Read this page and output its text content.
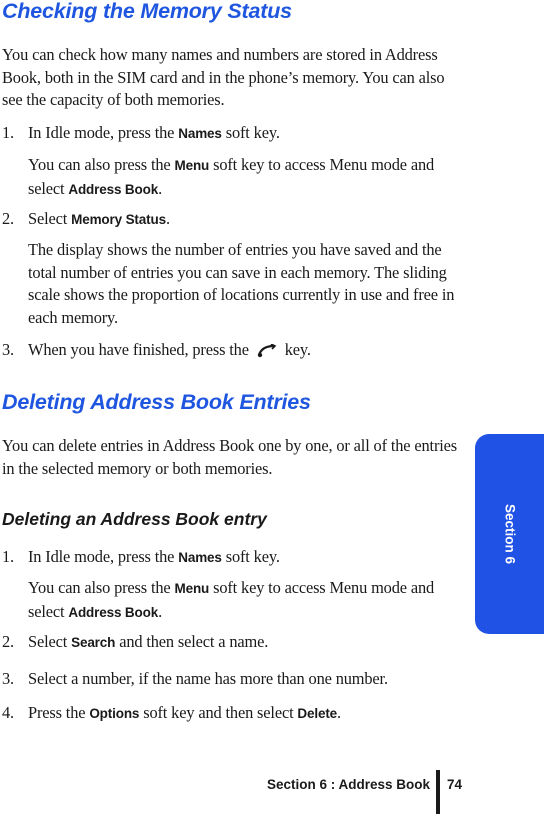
Checking the Memory Status

You can check how many names and numbers are stored in Address Book, both in the SIM card and in the phone’s memory. You can also see the capacity of both memories.

1. In Idle mode, press the Names soft key.
You can also press the Menu soft key to access Menu mode and select Address Book.
2. Select Memory Status.
The display shows the number of entries you have saved and the total number of entries you can save in each memory. The sliding scale shows the proportion of locations currently in use and free in each memory.
3. When you have finished, press the  key.
Deleting Address Book Entries

You can delete entries in Address Book one by one, or all of the entries in the selected memory or both memories.

Deleting an Address Book entry
1. In Idle mode, press the Names soft key.
You can also press the Menu soft key to access Menu mode and select Address Book.
2. Select Search and then select a name.
3. Select a number, if the name has more than one number.
4. Press the Options soft key and then select Delete.
Section 6
Section 6 : Address Book 74
